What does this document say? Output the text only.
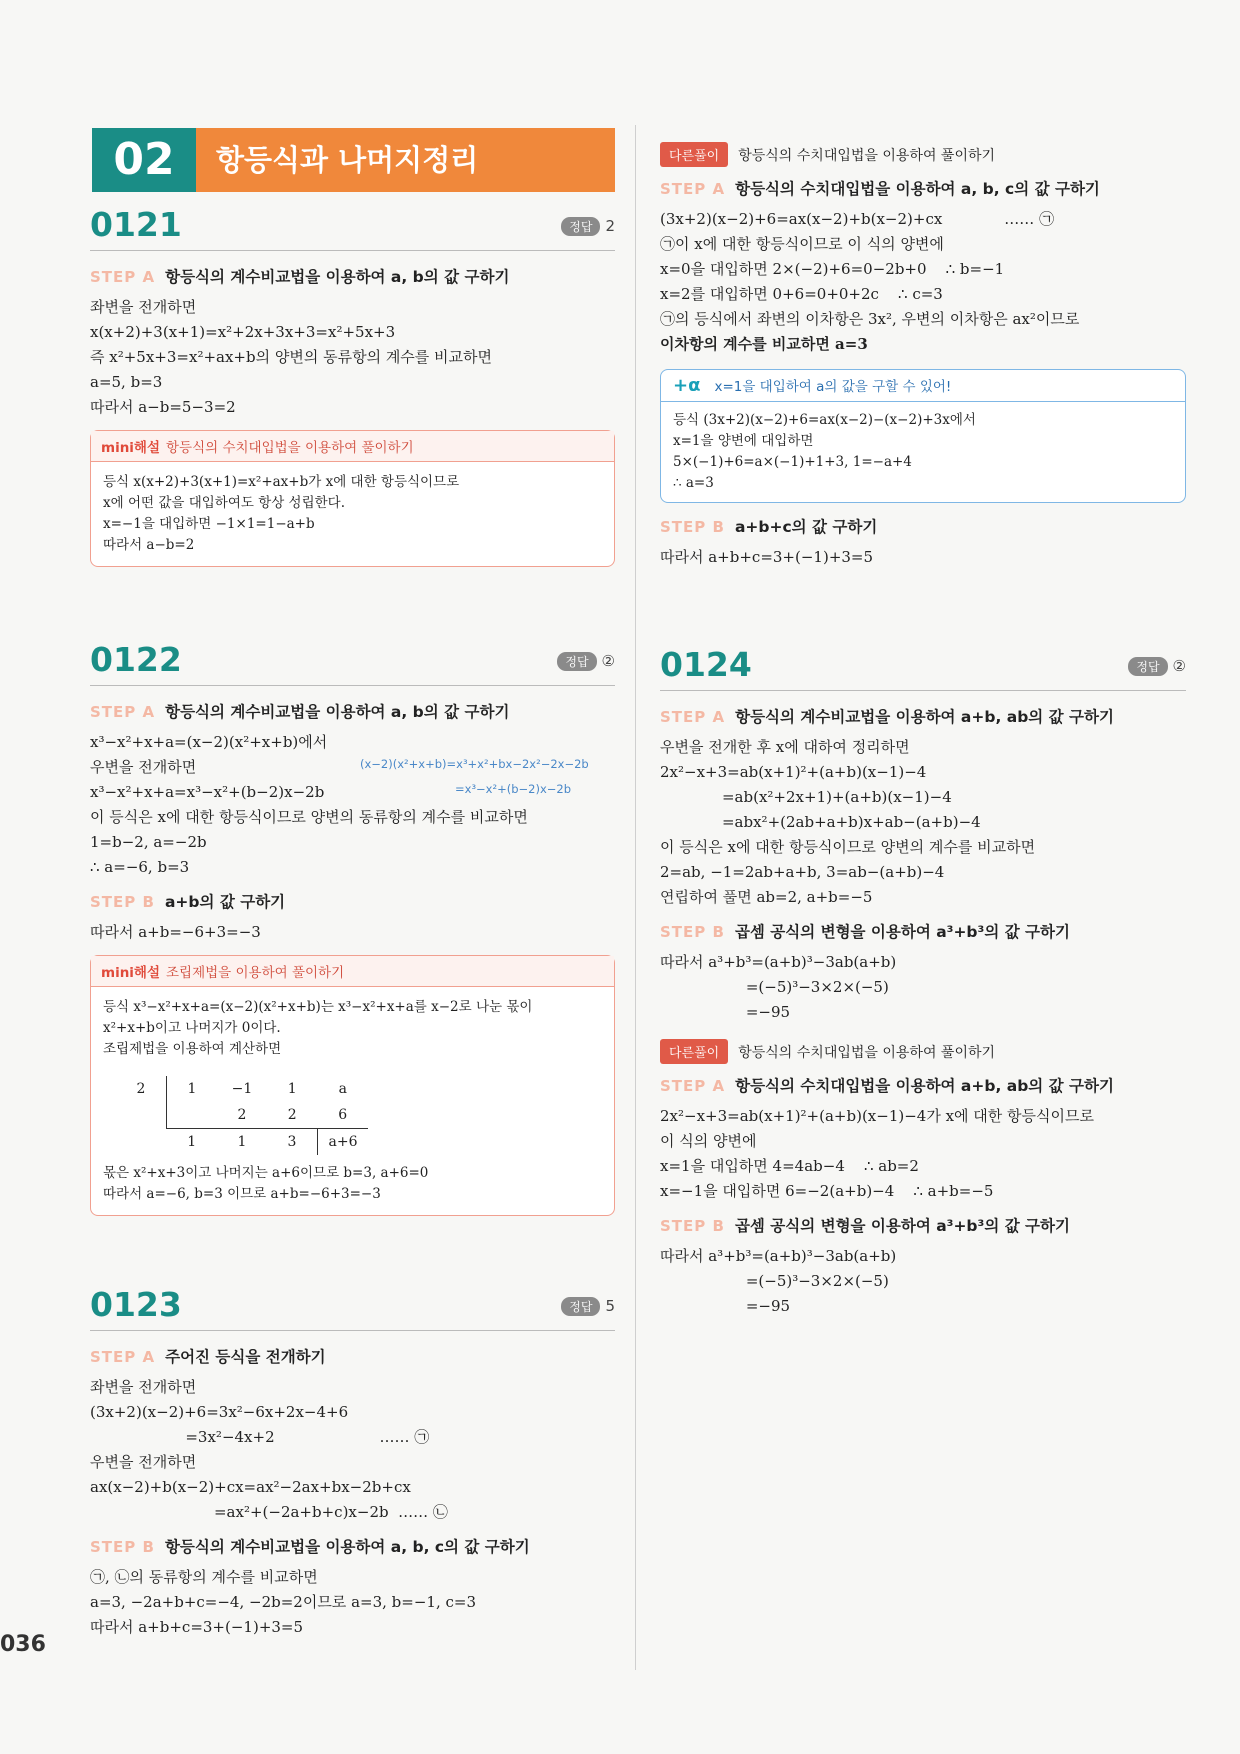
02	항등식과 나머지정리
036
0121	정답 2
STEP A 항등식의 계수비교법을 이용하여 a, b의 값 구하기
좌변을 전개하면
x(x+2)+3(x+1)=x²+2x+3x+3=x²+5x+3
즉 x²+5x+3=x²+ax+b의 양변의 동류항의 계수를 비교하면
a=5, b=3
따라서 a−b=5−3=2
mini해설 항등식의 수치대입법을 이용하여 풀이하기
등식 x(x+2)+3(x+1)=x²+ax+b가 x에 대한 항등식이므로
x에 어떤 값을 대입하여도 항상 성립한다.
x=−1을 대입하면 −1×1=1−a+b
따라서 a−b=2
0122	정답 ②
STEP A 항등식의 계수비교법을 이용하여 a, b의 값 구하기
x³−x²+x+a=(x−2)(x²+x+b)에서
우변을 전개하면	(x−2)(x²+x+b)=x³+x²+bx−2x²−2x−2b
x³−x²+x+a=x³−x²+(b−2)x−2b	=x³−x²+(b−2)x−2b
이 등식은 x에 대한 항등식이므로 양변의 동류항의 계수를 비교하면
1=b−2, a=−2b
∴ a=−6, b=3
STEP B a+b의 값 구하기
따라서 a+b=−6+3=−3
mini해설 조립제법을 이용하여 풀이하기
등식 x³−x²+x+a=(x−2)(x²+x+b)는 x³−x²+x+a를 x−2로 나눈 몫이
x²+x+b이고 나머지가 0이다.
조립제법을 이용하여 계산하면
2	1	−1	1	a
		2	2	6
	1	1	3	a+6
몫은 x²+x+3이고 나머지는 a+6이므로 b=3, a+6=0
따라서 a=−6, b=3 이므로 a+b=−6+3=−3
0123	정답 5
STEP A 주어진 등식을 전개하기
좌변을 전개하면
(3x+2)(x−2)+6=3x²−6x+2x−4+6
=3x²−4x+2                      …… ㉠
우변을 전개하면
ax(x−2)+b(x−2)+cx=ax²−2ax+bx−2b+cx
=ax²+(−2a+b+c)x−2b  …… ㉡
STEP B 항등식의 계수비교법을 이용하여 a, b, c의 값 구하기
㉠, ㉡의 동류항의 계수를 비교하면
a=3, −2a+b+c=−4, −2b=2이므로 a=3, b=−1, c=3
따라서 a+b+c=3+(−1)+3=5
다른풀이 항등식의 수치대입법을 이용하여 풀이하기
STEP A 항등식의 수치대입법을 이용하여 a, b, c의 값 구하기
(3x+2)(x−2)+6=ax(x−2)+b(x−2)+cx             …… ㉠
㉠이 x에 대한 항등식이므로 이 식의 양변에
x=0을 대입하면 2×(−2)+6=0−2b+0    ∴ b=−1
x=2를 대입하면 0+6=0+0+2c    ∴ c=3
㉠의 등식에서 좌변의 이차항은 3x², 우변의 이차항은 ax²이므로
이차항의 계수를 비교하면 a=3
+α x=1을 대입하여 a의 값을 구할 수 있어!
등식 (3x+2)(x−2)+6=ax(x−2)−(x−2)+3x에서
x=1을 양변에 대입하면
5×(−1)+6=a×(−1)+1+3, 1=−a+4
∴ a=3
STEP B a+b+c의 값 구하기
따라서 a+b+c=3+(−1)+3=5
0124	정답 ②
STEP A 항등식의 계수비교법을 이용하여 a+b, ab의 값 구하기
우변을 전개한 후 x에 대하여 정리하면
2x²−x+3=ab(x+1)²+(a+b)(x−1)−4
=ab(x²+2x+1)+(a+b)(x−1)−4
=abx²+(2ab+a+b)x+ab−(a+b)−4
이 등식은 x에 대한 항등식이므로 양변의 계수를 비교하면
2=ab, −1=2ab+a+b, 3=ab−(a+b)−4
연립하여 풀면 ab=2, a+b=−5
STEP B 곱셈 공식의 변형을 이용하여 a³+b³의 값 구하기
따라서 a³+b³=(a+b)³−3ab(a+b)
=(−5)³−3×2×(−5)
=−95
다른풀이 항등식의 수치대입법을 이용하여 풀이하기
STEP A 항등식의 수치대입법을 이용하여 a+b, ab의 값 구하기
2x²−x+3=ab(x+1)²+(a+b)(x−1)−4가 x에 대한 항등식이므로
이 식의 양변에
x=1을 대입하면 4=4ab−4    ∴ ab=2
x=−1을 대입하면 6=−2(a+b)−4    ∴ a+b=−5
STEP B 곱셈 공식의 변형을 이용하여 a³+b³의 값 구하기
따라서 a³+b³=(a+b)³−3ab(a+b)
=(−5)³−3×2×(−5)
=−95
